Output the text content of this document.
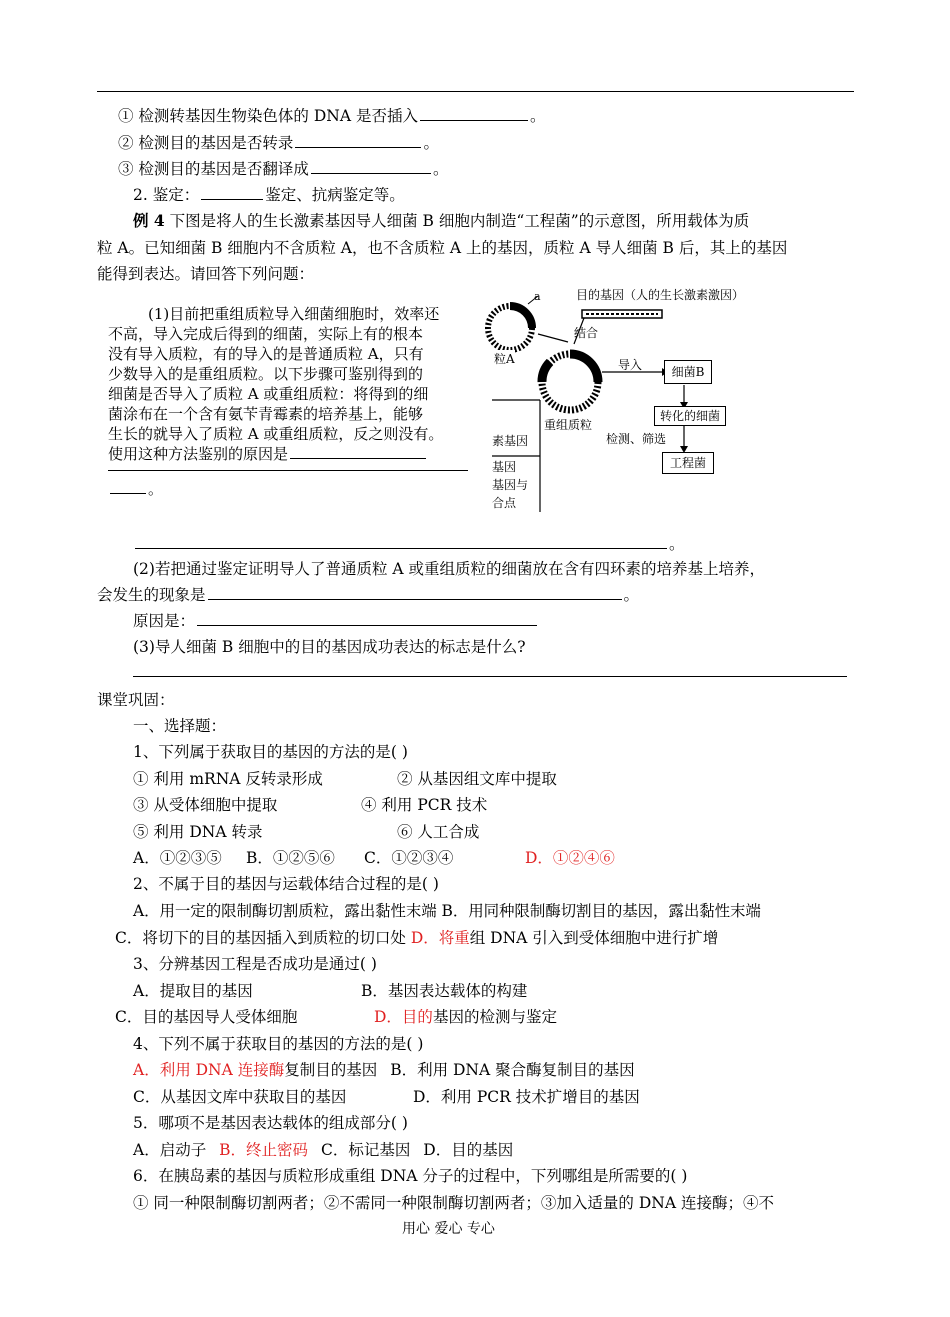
① 检测转基因生物染色体的 DNA 是否插入	。
② 检测目的基因是否转录	。
③ 检测目的基因是否翻译成	。
2. 鉴定：	鉴定、抗病鉴定等。
例 4 下图是将人的生长激素基因导人细菌 B 细胞内制造“工程菌”的示意图，所用载体为质
粒 A。已知细菌 B 细胞内不含质粒 A，也不含质粒 A 上的基因，质粒 A 导人细菌 B 后，其上的基因
能得到表达。请回答下列问题：
(1)目前把重组质粒导入细菌细胞时，效率还
不高，导入完成后得到的细菌，实际上有的根本
没有导入质粒，有的导入的是普通质粒 A，只有
少数导入的是重组质粒。以下步骤可鉴别得到的
细菌是否导入了质粒 A 或重组质粒：将得到的细
菌涂布在一个含有氨苄青霉素的培养基上，能够
生长的就导入了质粒 A 或重组质粒，反之则没有。
使用这种方法鉴别的原因是
。
a	目的基因（人的生长激素激因）
结合
粒A	导入	细菌B
重组质粒
转化的细菌
检测、筛选
工程菌
素基因
基因
基因与
合点
。
(2)若把通过鉴定证明导人了普通质粒 A 或重组质粒的细菌放在含有四环素的培养基上培养，
会发生的现象是	。
原因是：
(3)导人细菌 B 细胞中的目的基因成功表达的标志是什么?
课堂巩固：
一、选择题：
1、下列属于获取目的基因的方法的是( )
① 利用 mRNA 反转录形成	② 从基因组文库中提取
③ 从受体细胞中提取	④ 利用 PCR 技术
⑤ 利用 DNA 转录	⑥ 人工合成
A．①②③⑤ B．①②⑤⑥ C．①②③④	D．①②④⑥
2、不属于目的基因与运载体结合过程的是( )
A．用一定的限制酶切割质粒，露出黏性末端 B．用同种限制酶切割目的基因，露出黏性末端
C．将切下的目的基因插入到质粒的切口处 D．将重组 DNA 引入到受体细胞中进行扩增
3、分辨基因工程是否成功是通过( )
A．提取目的基因	B．基因表达载体的构建
C．目的基因导人受体细胞	D．目的基因的检测与鉴定
4、下列不属于获取目的基因的方法的是( )
A．利用 DNA 连接酶复制目的基因 B．利用 DNA 聚合酶复制目的基因
C．从基因文库中获取目的基因	D．利用 PCR 技术扩增目的基因
5．哪项不是基因表达载体的组成部分( )
A．启动子 B．终止密码 C．标记基因 D．目的基因
6．在胰岛素的基因与质粒形成重组 DNA 分子的过程中，下列哪组是所需要的( )
① 同一种限制酶切割两者；②不需同一种限制酶切割两者；③加入适量的 DNA 连接酶；④不
用心 爱心 专心
